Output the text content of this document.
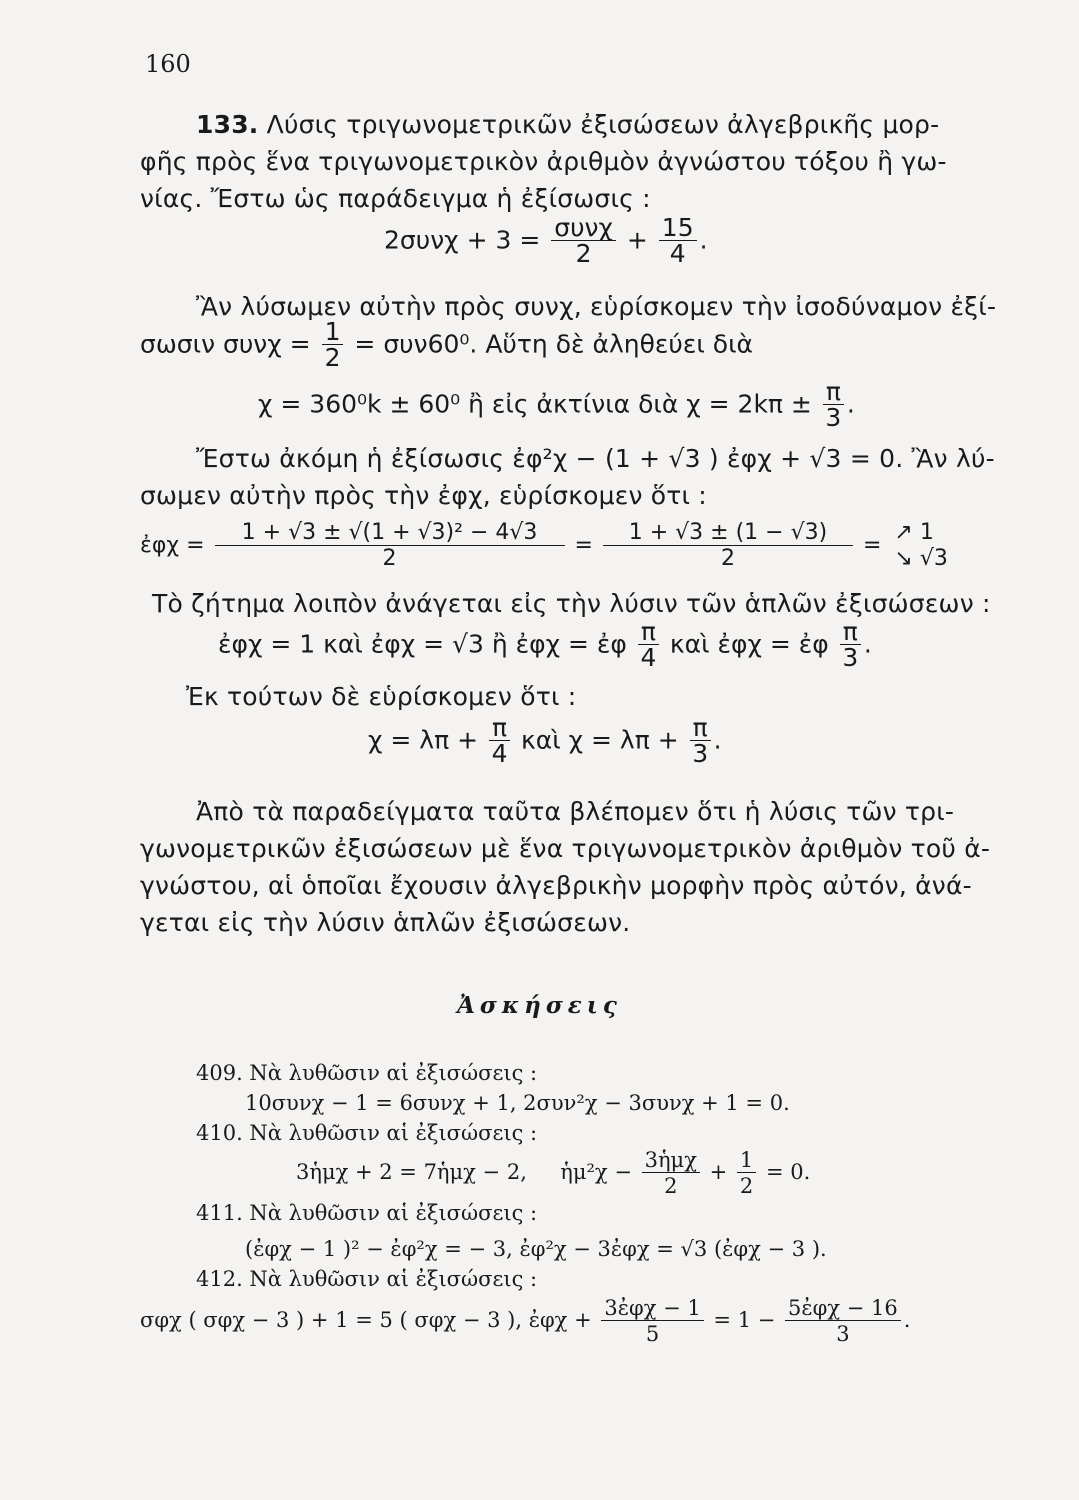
160
133. Λύσις τριγωνομετρικῶν ἐξισώσεων ἀλγεβρικῆς μορ-
φῆς πρὸς ἕνα τριγωνομετρικὸν ἀριθμὸν ἀγνώστου τόξου ἢ γω-
νίας. Ἔστω ὡς παράδειγμα ἡ ἐξίσωσις :
$2\sigma\upsilon\nu\chi + 3 = \frac{\text{συνχ}}{2} + \frac{15}{4}$ .
Ἂν λύσωμεν αὐτὴν πρὸς συνχ, εὑρίσκομεν τὴν ἰσοδύναμον ἐξί-
σωσιν $\sigma\upsilon\nu\chi = \frac{1}{2} = \sigma\upsilon\nu 60^0$. Αὕτη δὲ ἀληθεύει διὰ
χ = 360⁰k ± 60⁰ ἢ εἰς ἀκτίνια διὰ $\chi = 2k\pi \pm \frac{\pi}{3}$ .
Ἔστω ἀκόμη ἡ ἐξίσωσις ἐφ²χ − (1 + √3 ) ἐφχ + √3 = 0. Ἂν λύ-
σωμεν αὐτὴν πρὸς τὴν ἐφχ, εὑρίσκομεν ὅτι :
ἐφχ = $\frac{\text{1 + √3 ± √(1 + √3)² − 4√3}}{2} = \frac{1 + √3 \pm (1 - √3)}{2}$ =
↗ 1
↘ √3
Τὸ ζήτημα λοιπὸν ἀνάγεται εἰς τὴν λύσιν τῶν ἁπλῶν ἐξισώσεων :
ἐφχ = 1 καὶ ἐφχ = √3 ἢ ἐφχ = ἐφ $\frac{\pi}{4}$ καὶ ἐφχ = ἐφ $\frac{\pi}{3}$ .
Ἐκ τούτων δὲ εὑρίσκομεν ὅτι :
$\chi = \lambda\pi + \frac{\pi}{4}$ καὶ $\chi = \lambda\pi + \frac{\pi}{3}$ .
Ἀπὸ τὰ παραδείγματα ταῦτα βλέπομεν ὅτι ἡ λύσις τῶν τρι-
γωνομετρικῶν ἐξισώσεων μὲ ἕνα τριγωνομετρικὸν ἀριθμὸν τοῦ ἀ-
γνώστου, αἱ ὁποῖαι ἔχουσιν ἀλγεβρικὴν μορφὴν πρὸς αὐτόν, ἀνά-
γεται εἰς τὴν λύσιν ἁπλῶν ἐξισώσεων.
Ἀσκήσεις
409. Νὰ λυθῶσιν αἱ ἐξισώσεις :
10συνχ − 1 = 6συνχ + 1, 2συν²χ − 3συνχ + 1 = 0.
410. Νὰ λυθῶσιν αἱ ἐξισώσεις :
3ἡμχ + 2 = 7ἡμχ − 2, ἡμ²χ − $\frac{\text{3ἡμχ}}{2} + \frac{1}{2} = 0$.
411. Νὰ λυθῶσιν αἱ ἐξισώσεις :
(ἐφχ − 1 )² − ἐφ²χ = − 3, ἐφ²χ − 3ἐφχ = √3 (ἐφχ − 3 ).
412. Νὰ λυθῶσιν αἱ ἐξισώσεις :
σφχ ( σφχ − 3 ) + 1 = 5 ( σφχ − 3 ), ἐφχ + $\frac{\text{3ἐφχ − 1}}{5} = 1 - \frac{\text{5ἐφχ − 16}}{3}$ .
